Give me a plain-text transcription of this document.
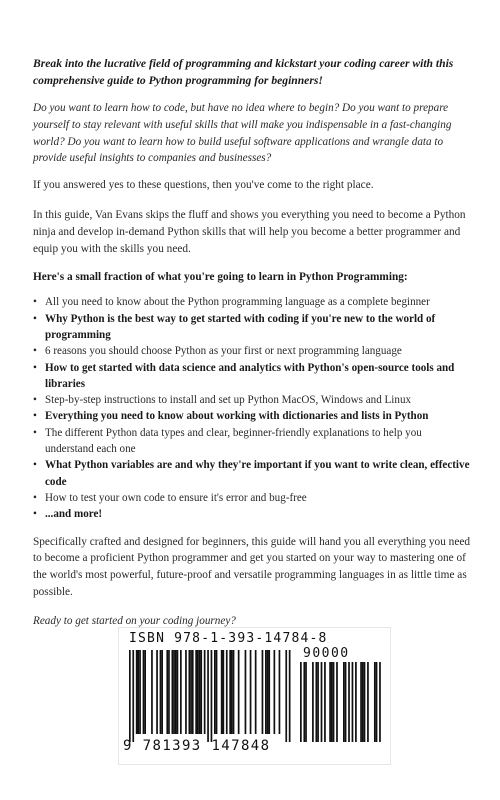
Break into the lucrative field of programming and kickstart your coding career with this comprehensive guide to Python programming for beginners!

Do you want to learn how to code, but have no idea where to begin? Do you want to prepare yourself to stay relevant with useful skills that will make you indispensable in a fast-changing world? Do you want to learn how to build useful software applications and wrangle data to provide useful insights to companies and businesses?

If you answered yes to these questions, then you've come to the right place.

In this guide, Van Evans skips the fluff and shows you everything you need to become a Python ninja and develop in-demand Python skills that will help you become a better programmer and equip you with the skills you need.

Here's a small fraction of what you're going to learn in Python Programming:

• All you need to know about the Python programming language as a complete beginner
• Why Python is the best way to get started with coding if you're new to the world of programming
• 6 reasons you should choose Python as your first or next programming language
• How to get started with data science and analytics with Python's open-source tools and libraries
• Step-by-step instructions to install and set up Python MacOS, Windows and Linux
• Everything you need to know about working with dictionaries and lists in Python
• The different Python data types and clear, beginner-friendly explanations to help you understand each one
• What Python variables are and why they're important if you want to write clean, effective code
• How to test your own code to ensure it's error and bug-free
• ...and more!

Specifically crafted and designed for beginners, this guide will hand you all everything you need to become a proficient Python programmer and get you started on your way to mastering one of the world's most powerful, future-proof and versatile programming languages in as little time as possible.

Ready to get started on your coding journey?

ISBN 978-1-393-14784-8
90000
9 781393 147848
